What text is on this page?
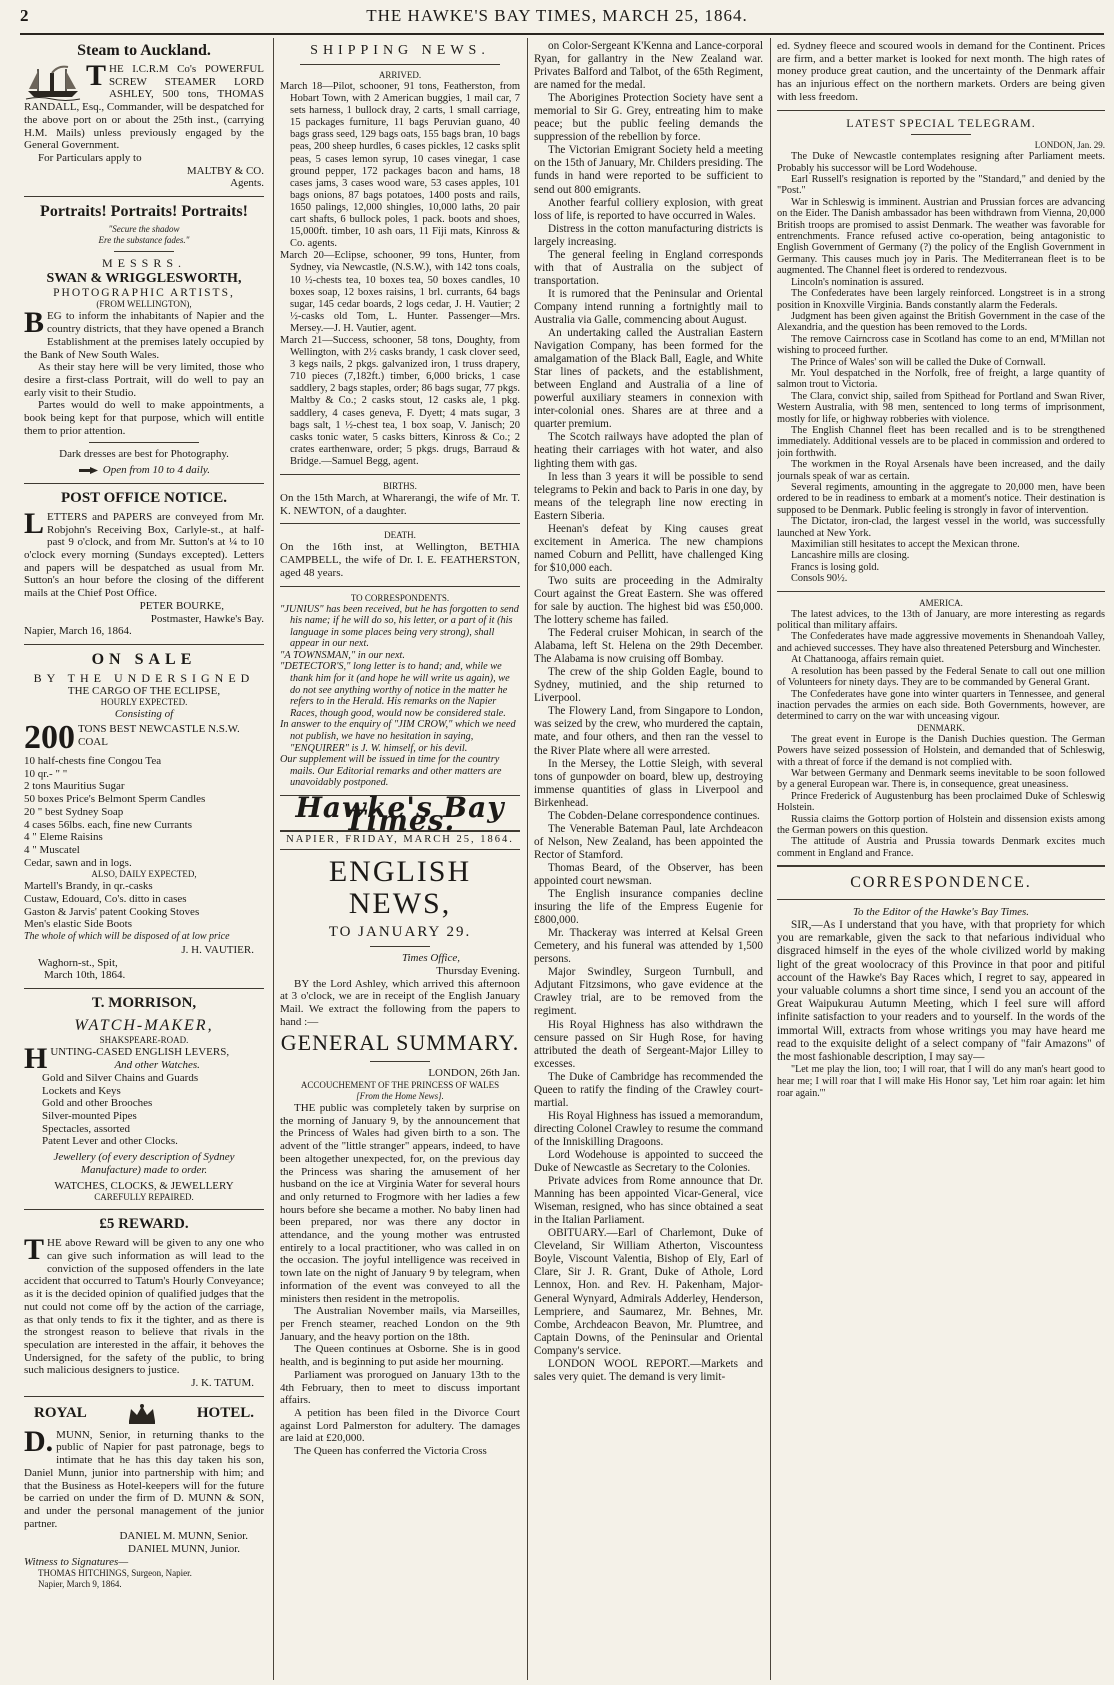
2	THE HAWKE'S BAY TIMES, MARCH 25, 1864.
Steam to Auckland.

THE I.C.R.M Co's POWERFUL SCREW STEAMER LORD ASHLEY, 500 tons, THOMAS RANDALL, Esq., Commander, will be despatched for the above port on or about the 25th inst., (carrying H.M. Mails) unless previously engaged by the General Government.

For Particulars apply to

MALTBY & CO.

Agents.

Portraits! Portraits! Portraits!

"Secure the shadow

Ere the substance fades."

MESSRS.

SWAN & WRIGGLESWORTH,

PHOTOGRAPHIC ARTISTS,

(FROM WELLINGTON),

BEG to inform the inhabitants of Napier and the country districts, that they have opened a Branch Establishment at the premises lately occupied by the Bank of New South Wales.

As their stay here will be very limited, those who desire a first-class Portrait, will do well to pay an early visit to their Studio.

Partes would do well to make appointments, a book being kept for that purpose, which will entitle them to prior attention.

Dark dresses are best for Photography.

Open from 10 to 4 daily.

POST OFFICE NOTICE.

LETTERS and PAPERS are conveyed from Mr. Robjohn's Receiving Box, Carlyle-st., at half-past 9 o'clock, and from Mr. Sutton's at ¼ to 10 o'clock every morning (Sundays excepted). Letters and papers will be despatched as usual from Mr. Sutton's an hour before the closing of the different mails at the Chief Post Office.

PETER BOURKE,

Postmaster, Hawke's Bay.

Napier, March 16, 1864.

ON SALE

BY THE UNDERSIGNED

THE CARGO OF THE ECLIPSE,

HOURLY EXPECTED.

Consisting of

200 TONS BEST NEWCASTLE N.S.W. COAL

10 half-chests fine Congou Tea

10 qr.- " "

2 tons Mauritius Sugar

50 boxes Price's Belmont Sperm Candles

20 " best Sydney Soap

4 cases 56lbs. each, fine new Currants

4 " Eleme Raisins

4 " Muscatel

Cedar, sawn and in logs.

ALSO, DAILY EXPECTED,

Martell's Brandy, in qr.-casks

Custaw, Edouard, Co's. ditto in cases

Gaston & Jarvis' patent Cooking Stoves

Men's elastic Side Boots

The whole of which will be disposed of at low price

J. H. VAUTIER.

Waghorn-st., Spit,

March 10th, 1864.

T. MORRISON,

WATCH-MAKER,

SHAKSPEARE-ROAD.

HUNTING-CASED ENGLISH LEVERS,

And other Watches.

Gold and Silver Chains and Guards

Lockets and Keys

Gold and other Brooches

Silver-mounted Pipes

Spectacles, assorted

Patent Lever and other Clocks.

Jewellery (of every description of Sydney Manufacture) made to order.

WATCHES, CLOCKS, & JEWELLERY

CAREFULLY REPAIRED.

£5 REWARD.

THE above Reward will be given to any one who can give such information as will lead to the conviction of the supposed offenders in the late accident that occurred to Tatum's Hourly Conveyance; as it is the decided opinion of qualified judges that the nut could not come off by the action of the carriage, as that only tends to fix it the tighter, and as there is the strongest reason to believe that rivals in the speculation are interested in the affair, it behoves the Undersigned, for the safety of the public, to bring such malicious designers to justice.

J. K. TATUM.

ROYAL	HOTEL.

D. MUNN, Senior, in returning thanks to the public of Napier for past patronage, begs to intimate that he has this day taken his son, Daniel Munn, junior into partnership with him; and that the Business as Hotel-keepers will for the future be carried on under the firm of D. MUNN & SON, and under the personal management of the junior partner.

DANIEL M. MUNN, Senior.

DANIEL MUNN, Junior.

Witness to Signatures—

THOMAS HITCHINGS, Surgeon, Napier.

Napier, March 9, 1864.

SHIPPING NEWS.

ARRIVED.

March 18—Pilot, schooner, 91 tons, Featherston, from Hobart Town, with 2 American buggies, 1 mail car, 7 sets harness, 1 bullock dray, 2 carts, 1 small carriage, 15 packages furniture, 11 bags Peruvian guano, 40 bags grass seed, 129 bags oats, 155 bags bran, 10 bags peas, 200 sheep hurdles, 6 cases pickles, 12 casks split peas, 5 cases lemon syrup, 10 cases vinegar, 1 case ground pepper, 172 packages bacon and hams, 18 cases jams, 3 cases wood ware, 53 cases apples, 101 bags onions, 87 bags potatoes, 1400 posts and rails, 1650 palings, 12,000 shingles, 10,000 laths, 20 pair cart shafts, 6 bullock poles, 1 pack. boots and shoes, 15,000ft. timber, 10 ash oars, 11 Fiji mats, Kinross & Co. agents.

March 20—Eclipse, schooner, 99 tons, Hunter, from Sydney, via Newcastle, (N.S.W.), with 142 tons coals, 10 ½-chests tea, 10 boxes tea, 50 boxes candles, 10 boxes soap, 12 boxes raisins, 1 brl. currants, 64 bags sugar, 145 cedar boards, 2 logs cedar, J. H. Vautier; 2 ½-casks old Tom, L. Hunter. Passenger—Mrs. Mersey.—J. H. Vautier, agent.

March 21—Success, schooner, 58 tons, Doughty, from Wellington, with 2½ casks brandy, 1 cask clover seed, 3 kegs nails, 2 pkgs. galvanized iron, 1 truss drapery, 710 pieces (7,182ft.) timber, 6,000 bricks, 1 case saddlery, 2 bags staples, order; 86 bags sugar, 77 pkgs. Maltby & Co.; 2 casks stout, 12 casks ale, 1 pkg. saddlery, 4 cases geneva, F. Dyett; 4 mats sugar, 3 bags salt, 1 ½-chest tea, 1 box soap, V. Janisch; 20 casks tonic water, 5 casks bitters, Kinross & Co.; 2 crates earthenware, order; 5 pkgs. drugs, Barraud & Bridge.—Samuel Begg, agent.

BIRTHS.

On the 15th March, at Wharerangi, the wife of Mr. T. K. NEWTON, of a daughter.

DEATH.

On the 16th inst, at Wellington, BETHIA CAMPBELL, the wife of Dr. I. E. FEATHERSTON, aged 48 years.

TO CORRESPONDENTS.

"JUNIUS" has been received, but he has forgotten to send his name; if he will do so, his letter, or a part of it (his language in some places being very strong), shall appear in our next.

"A TOWNSMAN," in our next.

"DETECTOR'S," long letter is to hand; and, while we thank him for it (and hope he will write us again), we do not see anything worthy of notice in the matter he refers to in the Herald. His remarks on the Napier Races, though good, would now be considered stale.

In answer to the enquiry of "JIM CROW," which we need not publish, we have no hesitation in saying, "ENQUIRER" is J. W. himself, or his devil.

Our supplement will be issued in time for the country mails. Our Editorial remarks and other matters are unavoidably postponed.

Hawke's Bay Times.

NAPIER, FRIDAY, MARCH 25, 1864.

ENGLISH NEWS,

TO JANUARY 29.

Times Office,

Thursday Evening.

BY the Lord Ashley, which arrived this afternoon at 3 o'clock, we are in receipt of the English January Mail. We extract the following from the papers to hand :—

GENERAL SUMMARY.

LONDON, 26th Jan.

ACCOUCHEMENT OF THE PRINCESS OF WALES

[From the Home News].

THE public was completely taken by surprise on the morning of January 9, by the announcement that the Princess of Wales had given birth to a son. The advent of the "little stranger" appears, indeed, to have been altogether unexpected, for, on the previous day the Princess was sharing the amusement of her husband on the ice at Virginia Water for several hours and only returned to Frogmore with her ladies a few hours before she became a mother. No baby linen had been prepared, nor was there any doctor in attendance, and the young mother was entrusted entirely to a local practitioner, who was called in on the occasion. The joyful intelligence was received in town late on the night of January 9 by telegram, when information of the event was conveyed to all the ministers then resident in the metropolis.

The Australian November mails, via Marseilles, per French steamer, reached London on the 9th January, and the heavy portion on the 18th.

The Queen continues at Osborne. She is in good health, and is beginning to put aside her mourning.

Parliament was prorogued on January 13th to the 4th February, then to meet to discuss important affairs.

A petition has been filed in the Divorce Court against Lord Palmerston for adultery. The damages are laid at £20,000.

The Queen has conferred the Victoria Cross

on Color-Sergeant K'Kenna and Lance-corporal Ryan, for gallantry in the New Zealand war. Privates Balford and Talbot, of the 65th Regiment, are named for the medal.

The Aborigines Protection Society have sent a memorial to Sir G. Grey, entreating him to make peace; but the public feeling demands the suppression of the rebellion by force.

The Victorian Emigrant Society held a meeting on the 15th of January, Mr. Childers presiding. The funds in hand were reported to be sufficient to send out 800 emigrants.

Another fearful colliery explosion, with great loss of life, is reported to have occurred in Wales.

Distress in the cotton manufacturing districts is largely increasing.

The general feeling in England corresponds with that of Australia on the subject of transportation.

It is rumored that the Peninsular and Oriental Company intend running a fortnightly mail to Australia via Galle, commencing about August.

An undertaking called the Australian Eastern Navigation Company, has been formed for the amalgamation of the Black Ball, Eagle, and White Star lines of packets, and the establishment, between England and Australia of a line of powerful auxiliary steamers in connexion with inter-colonial ones. Shares are at three and a quarter premium.

The Scotch railways have adopted the plan of heating their carriages with hot water, and also lighting them with gas.

In less than 3 years it will be possible to send telegrams to Pekin and back to Paris in one day, by means of the telegraph line now erecting in Eastern Siberia.

Heenan's defeat by King causes great excitement in America. The new champions named Coburn and Pellitt, have challenged King for $10,000 each.

Two suits are proceeding in the Admiralty Court against the Great Eastern. She was offered for sale by auction. The highest bid was £50,000. The lottery scheme has failed.

The Federal cruiser Mohican, in search of the Alabama, left St. Helena on the 29th December. The Alabama is now cruising off Bombay.

The crew of the ship Golden Eagle, bound to Sydney, mutinied, and the ship returned to Liverpool.

The Flowery Land, from Singapore to London, was seized by the crew, who murdered the captain, mate, and four others, and then ran the vessel to the River Plate where all were arrested.

In the Mersey, the Lottie Sleigh, with several tons of gunpowder on board, blew up, destroying immense quantities of glass in Liverpool and Birkenhead.

The Cobden-Delane correspondence continues.

The Venerable Bateman Paul, late Archdeacon of Nelson, New Zealand, has been appointed the Rector of Stamford.

Thomas Beard, of the Observer, has been appointed court newsman.

The English insurance companies decline insuring the life of the Empress Eugenie for £800,000.

Mr. Thackeray was interred at Kelsal Green Cemetery, and his funeral was attended by 1,500 persons.

Major Swindley, Surgeon Turnbull, and Adjutant Fitzsimons, who gave evidence at the Crawley trial, are to be removed from the regiment.

His Royal Highness has also withdrawn the censure passed on Sir Hugh Rose, for having attributed the death of Sergeant-Major Lilley to excesses.

The Duke of Cambridge has recommended the Queen to ratify the finding of the Crawley court-martial.

His Royal Highness has issued a memorandum, directing Colonel Crawley to resume the command of the Inniskilling Dragoons.

Lord Wodehouse is appointed to succeed the Duke of Newcastle as Secretary to the Colonies.

Private advices from Rome announce that Dr. Manning has been appointed Vicar-General, vice Wiseman, resigned, who has since obtained a seat in the Italian Parliament.

OBITUARY.—Earl of Charlemont, Duke of Cleveland, Sir William Atherton, Viscountess Boyle, Viscount Valentia, Bishop of Ely, Earl of Clare, Sir J. R. Grant, Duke of Athole, Lord Lennox, Hon. and Rev. H. Pakenham, Major-General Wynyard, Admirals Adderley, Henderson, Lempriere, and Saumarez, Mr. Behnes, Mr. Combe, Archdeacon Beavon, Mr. Plumtree, and Captain Downs, of the Peninsular and Oriental Company's service.

LONDON WOOL REPORT.—Markets and sales very quiet. The demand is very limit-

ed. Sydney fleece and scoured wools in demand for the Continent. Prices are firm, and a better market is looked for next month. The high rates of money produce great caution, and the uncertainty of the Denmark affair has an injurious effect on the northern markets. Orders are being given with less freedom.

LATEST SPECIAL TELEGRAM.

LONDON, Jan. 29.

The Duke of Newcastle contemplates resigning after Parliament meets. Probably his successor will be Lord Wodehouse.

Earl Russell's resignation is reported by the "Standard," and denied by the "Post."

War in Schleswig is imminent. Austrian and Prussian forces are advancing on the Eider. The Danish ambassador has been withdrawn from Vienna, 20,000 British troops are promised to assist Denmark. The weather was favorable for entrenchments. France refused active co-operation, being antagonistic to English Government of Germany (?) the policy of the English Government in Germany. This causes much joy in Paris. The Mediterranean fleet is to be augmented. The Channel fleet is ordered to rendezvous.

Lincoln's nomination is assured.

The Confederates have been largely reinforced. Longstreet is in a strong position in Knoxville Virginia. Bands constantly alarm the Federals.

Judgment has been given against the British Government in the case of the Alexandria, and the question has been removed to the Lords.

The remove Cairncross case in Scotland has come to an end, M'Millan not wishing to proceed further.

The Prince of Wales' son will be called the Duke of Cornwall.

Mr. Youl despatched in the Norfolk, free of freight, a large quantity of salmon trout to Victoria.

The Clara, convict ship, sailed from Spithead for Portland and Swan River, Western Australia, with 98 men, sentenced to long terms of imprisonment, mostly for life, or highway robberies with violence.

The English Channel fleet has been recalled and is to be strengthened immediately. Additional vessels are to be placed in commission and ordered to join forthwith.

The workmen in the Royal Arsenals have been increased, and the daily journals speak of war as certain.

Several regiments, amounting in the aggregate to 20,000 men, have been ordered to be in readiness to embark at a moment's notice. Their destination is supposed to be Denmark. Public feeling is strongly in favor of intervention.

The Dictator, iron-clad, the largest vessel in the world, was successfully launched at New York.

Maximilian still hesitates to accept the Mexican throne.

Lancashire mills are closing.

Francs is losing gold.

Consols 90½.

AMERICA.

The latest advices, to the 13th of January, are more interesting as regards political than military affairs.

The Confederates have made aggressive movements in Shenandoah Valley, and achieved successes. They have also threatened Petersburg and Winchester.

At Chattanooga, affairs remain quiet.

A resolution has been passed by the Federal Senate to call out one million of Volunteers for ninety days. They are to be commanded by General Grant.

The Confederates have gone into winter quarters in Tennessee, and general inaction pervades the armies on each side. Both Governments, however, are determined to carry on the war with unceasing vigour.

DENMARK.

The great event in Europe is the Danish Duchies question. The German Powers have seized possession of Holstein, and demanded that of Schleswig, with a threat of force if the demand is not complied with.

War between Germany and Denmark seems inevitable to be soon followed by a general European war. There is, in consequence, great uneasiness.

Prince Frederick of Augustenburg has been proclaimed Duke of Schleswig Holstein.

Russia claims the Gottorp portion of Holstein and dissension exists among the German powers on this question.

The attitude of Austria and Prussia towards Denmark excites much comment in England and France.

CORRESPONDENCE.

To the Editor of the Hawke's Bay Times.

SIR,—As I understand that you have, with that propriety for which you are remarkable, given the sack to that nefarious individual who disgraced himself in the eyes of the whole civilized world by making light of the great woolocracy of this Province in that poor and pitiful account of the Hawke's Bay Races which, I regret to say, appeared in your valuable columns a short time since, I send you an account of the Great Waipukurau Autumn Meeting, which I feel sure will afford infinite satisfaction to your readers and to yourself. In the words of the immortal Will, extracts from whose writings you may have heard me read to the exquisite delight of a select company of "fair Amazons" of the most fashionable description, I may say—

"Let me play the lion, too; I will roar, that I will do any man's heart good to hear me; I will roar that I will make His Honor say, 'Let him roar again: let him roar again.'"
